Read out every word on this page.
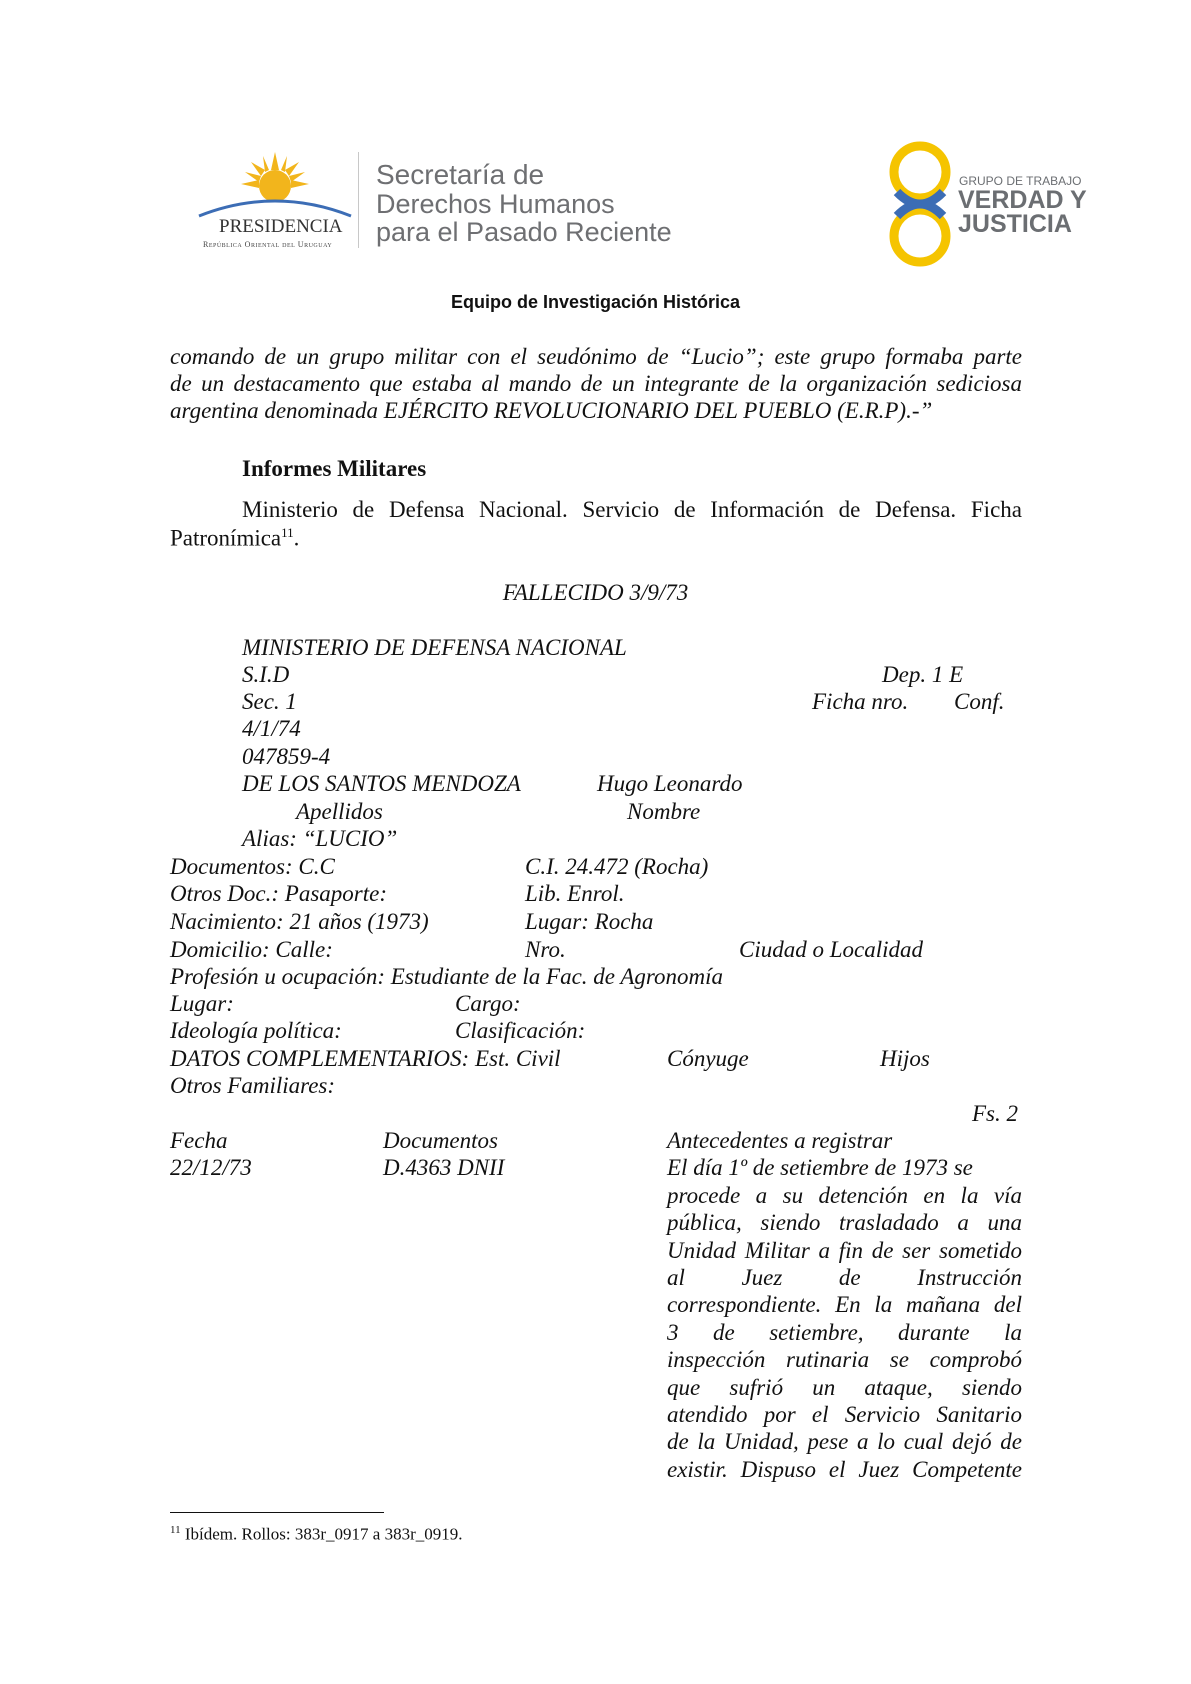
PRESIDENCIA
República Oriental del Uruguay
Secretaría de
Derechos Humanos
para el Pasado Reciente
GRUPO DE TRABAJO
VERDAD Y
JUSTICIA
Equipo de Investigación Histórica
comando de un grupo militar con el seudónimo de “Lucio”; este grupo formaba parte
de un destacamento que estaba al mando de un integrante de la organización sediciosa
argentina denominada EJÉRCITO REVOLUCIONARIO DEL PUEBLO (E.R.P).-”
Informes Militares
Ministerio de Defensa Nacional. Servicio de Información de Defensa. Ficha
Patronímica$^{11}$.
FALLECIDO 3/9/73
MINISTERIO DE DEFENSA NACIONAL
S.I.D	Dep. 1 E
Sec. 1	Ficha nro. Conf.
4/1/74
047859-4
DE LOS SANTOS MENDOZA	Hugo Leonardo
Apellidos	Nombre
Alias: “LUCIO”
Documentos: C.C	C.I. 24.472 (Rocha)
Otros Doc.: Pasaporte:	Lib. Enrol.
Nacimiento: 21 años (1973)	Lugar: Rocha
Domicilio: Calle:	Nro.	Ciudad o Localidad
Profesión u ocupación: Estudiante de la Fac. de Agronomía
Lugar:	Cargo:
Ideología política:	Clasificación:
DATOS COMPLEMENTARIOS: Est. Civil	Cónyuge	Hijos
Otros Familiares:
Fs. 2
Fecha	Documentos	Antecedentes a registrar
22/12/73	D.4363 DNII	El día 1º de setiembre de 1973 se
procede a su detención en la vía
pública, siendo trasladado a una
Unidad Militar a fin de ser sometido
al Juez de Instrucción
correspondiente. En la mañana del
3 de setiembre, durante la
inspección rutinaria se comprobó
que sufrió un ataque, siendo
atendido por el Servicio Sanitario
de la Unidad, pese a lo cual dejó de
existir. Dispuso el Juez Competente
$^{11}$ Ibídem. Rollos: 383r_0917 a 383r_0919.
